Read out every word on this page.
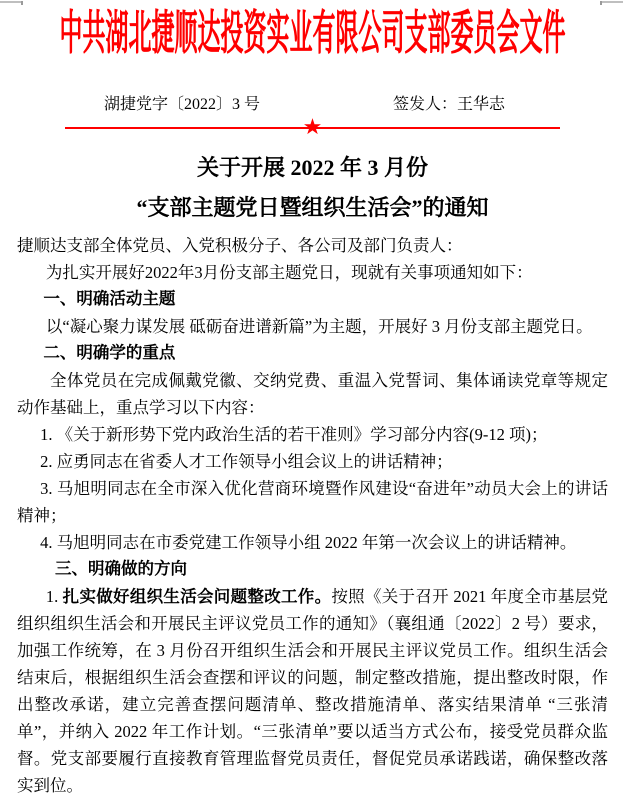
中共湖北捷顺达投资实业有限公司支部委员会文件
湖捷党字〔2022〕3 号	签发人：王华志
★
关于开展 2022 年 3 月份
“支部主题党日暨组织生活会”的通知

捷顺达支部全体党员、入党积极分子、各公司及部门负责人：

为扎实开展好2022年3月份支部主题党日，现就有关事项通知如下：

一、明确活动主题

以“凝心聚力谋发展 砥砺奋进谱新篇”为主题，开展好 3 月份支部主题党日。

二、明确学的重点

全体党员在完成佩戴党徽、交纳党费、重温入党誓词、集体诵读党章等规定动作基础上，重点学习以下内容：

1. 《关于新形势下党内政治生活的若干准则》学习部分内容(9-12 项)；

2. 应勇同志在省委人才工作领导小组会议上的讲话精神；

3. 马旭明同志在全市深入优化营商环境暨作风建设“奋进年”动员大会上的讲话精神；

4. 马旭明同志在市委党建工作领导小组 2022 年第一次会议上的讲话精神。

三、明确做的方向

1. 扎实做好组织生活会问题整改工作。按照《关于召开 2021 年度全市基层党组织组织生活会和开展民主评议党员工作的通知》（襄组通〔2022〕2 号）要求，加强工作统筹，在 3 月份召开组织生活会和开展民主评议党员工作。组织生活会结束后，根据组织生活会查摆和评议的问题，制定整改措施，提出整改时限，作出整改承诺，建立完善查摆问题清单、整改措施清单、落实结果清单 “三张清单”，并纳入 2022 年工作计划。“三张清单”要以适当方式公布，接受党员群众监督。党支部要履行直接教育管理监督党员责任，督促党员承诺践诺，确保整改落实到位。
